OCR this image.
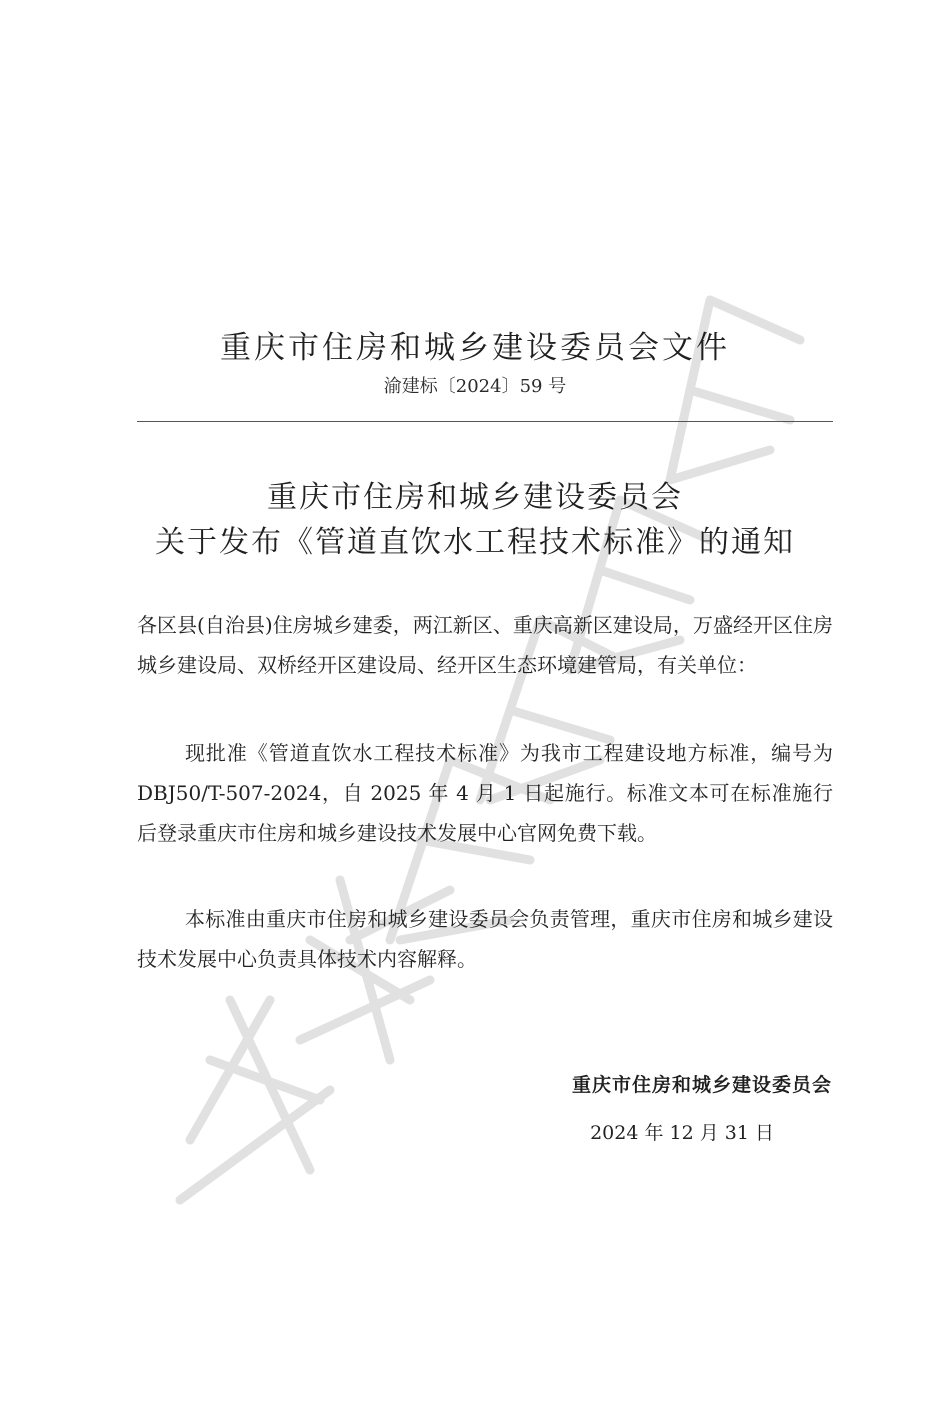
重庆市住房和城乡建设委员会文件
渝建标〔2024〕59 号
重庆市住房和城乡建设委员会
关于发布《管道直饮水工程技术标准》的通知
各区县(自治县)住房城乡建委，两江新区、重庆高新区建设局，万盛经开区住房城乡建设局、双桥经开区建设局、经开区生态环境建管局，有关单位：
现批准《管道直饮水工程技术标准》为我市工程建设地方标准，编号为 DBJ50/T-507-2024，自 2025 年 4 月 1 日起施行。标准文本可在标准施行后登录重庆市住房和城乡建设技术发展中心官网免费下载。
本标准由重庆市住房和城乡建设委员会负责管理，重庆市住房和城乡建设技术发展中心负责具体技术内容解释。
重庆市住房和城乡建设委员会
2024 年 12 月 31 日
